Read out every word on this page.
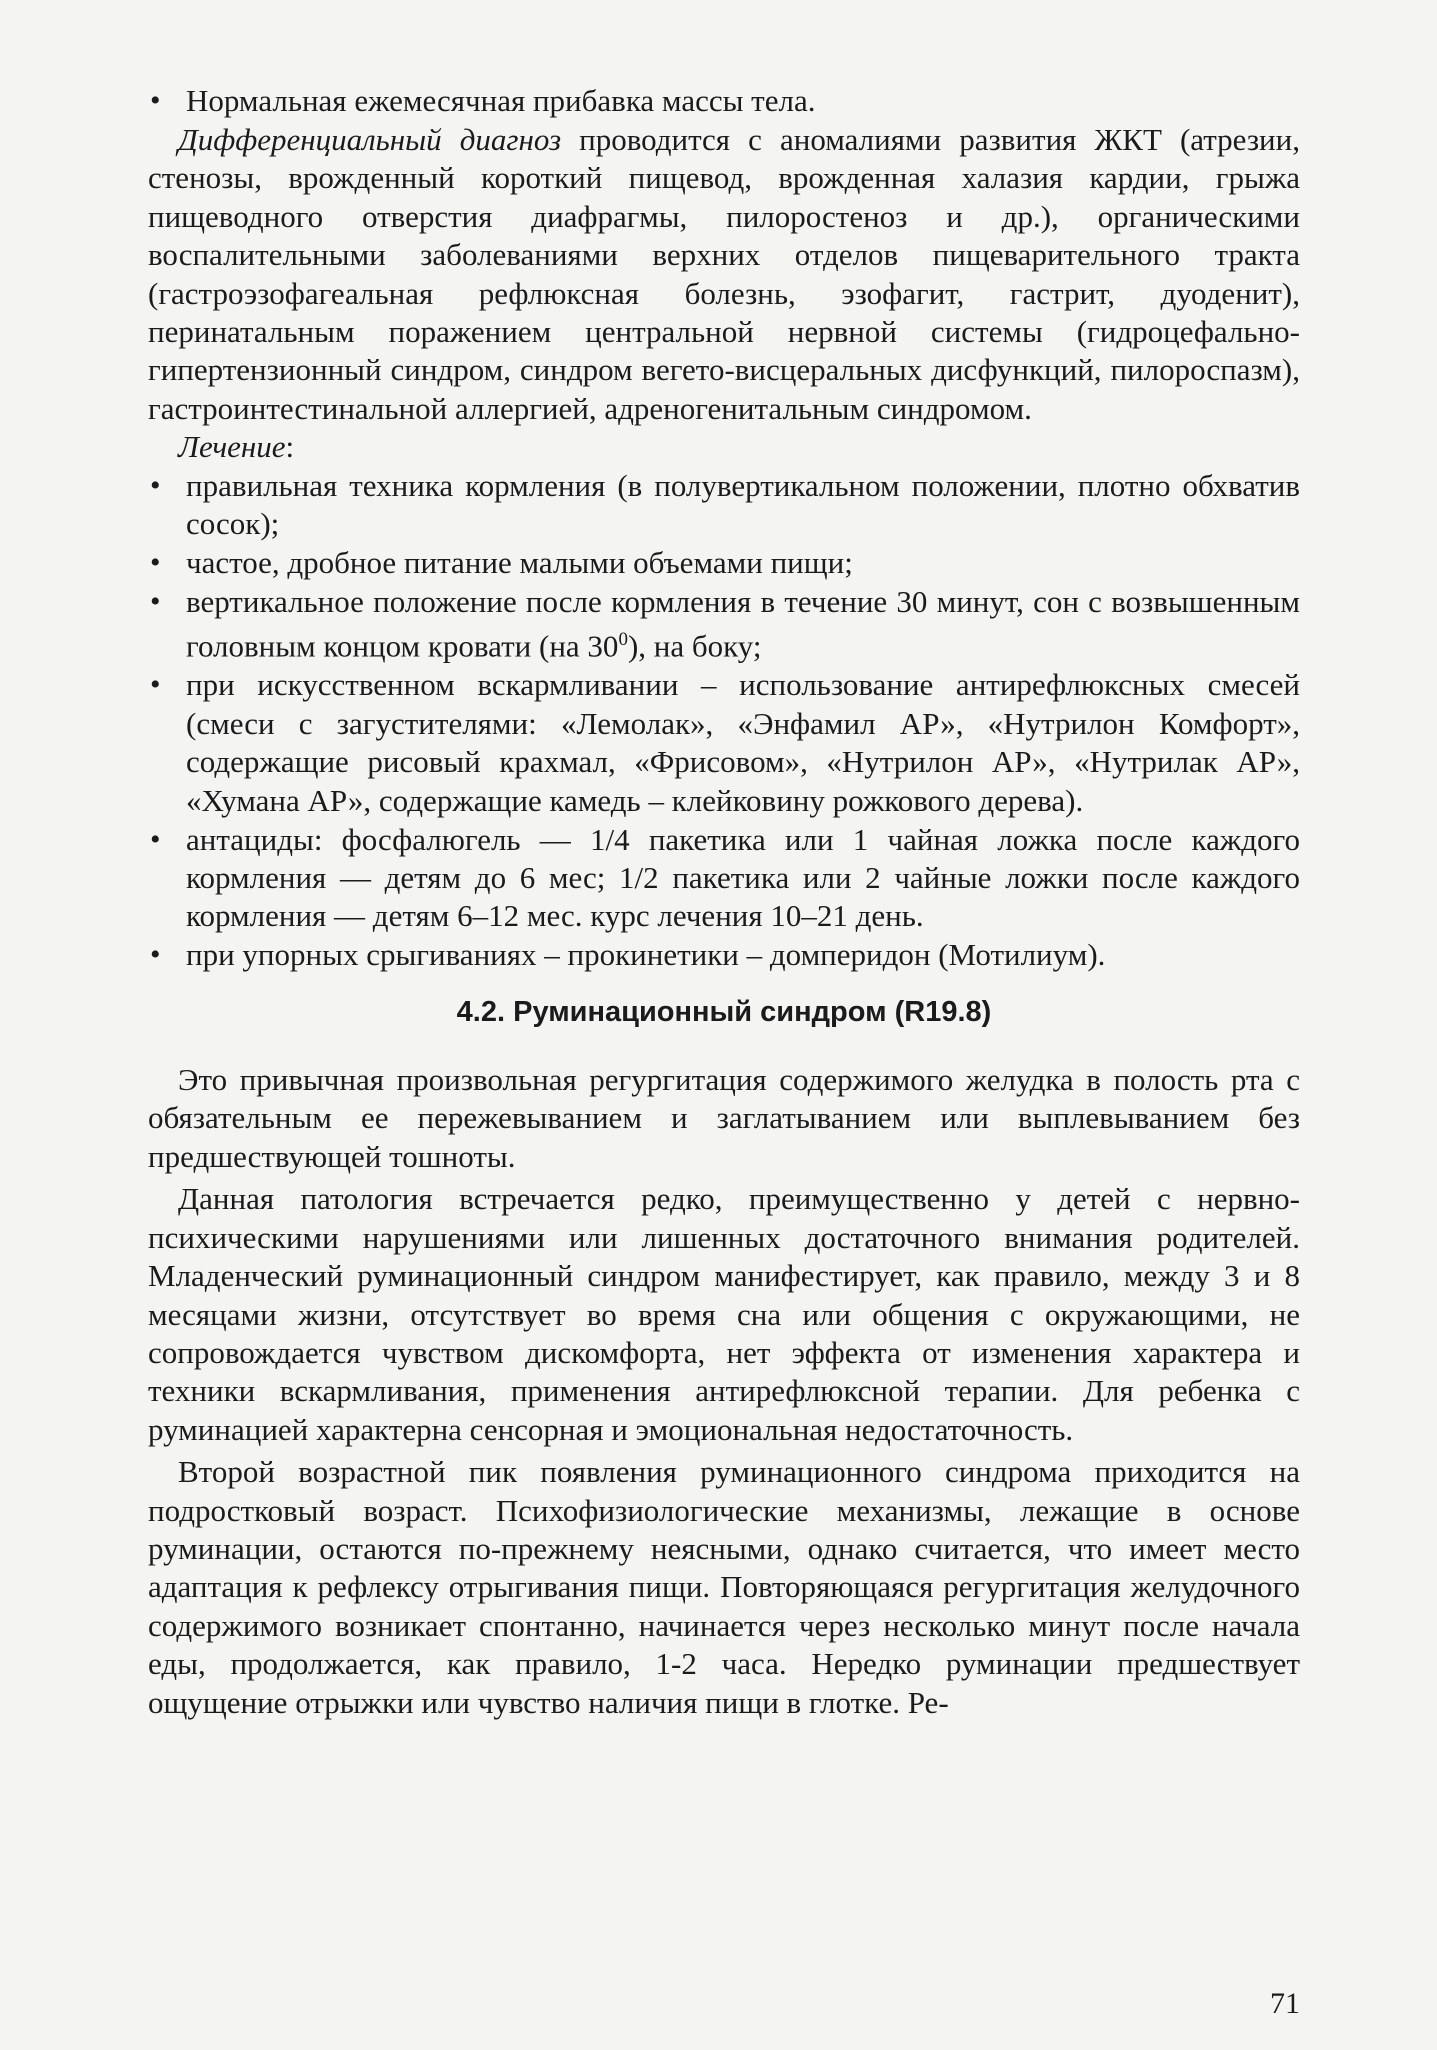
• Нормальная ежемесячная прибавка массы тела.

Дифференциальный диагноз проводится с аномалиями развития ЖКТ (атрезии, стенозы, врожденный короткий пищевод, врожденная халазия кардии, грыжа пищеводного отверстия диафрагмы, пилоростеноз и др.), органическими воспалительными заболеваниями верхних отделов пищеварительного тракта (гастроэзофагеальная рефлюксная болезнь, эзофагит, гастрит, дуоденит), перинатальным поражением центральной нервной системы (гидроцефально-гипертензионный синдром, синдром вегето-висцеральных дисфункций, пилороспазм), гастроинтестинальной аллергией, адреногенитальным синдромом.

Лечение:

• правильная техника кормления (в полувертикальном положении, плотно обхватив сосок);
• частое, дробное питание малыми объемами пищи;
• вертикальное положение после кормления в течение 30 минут, сон с возвышенным головным концом кровати (на $30^0$), на боку;
• при искусственном вскармливании – использование антирефлюксных смесей (смеси с загустителями: «Лемолак», «Энфамил АР», «Нутрилон Комфорт», содержащие рисовый крахмал, «Фрисовом», «Нутрилон АР», «Нутрилак АР», «Хумана АР», содержащие камедь – клейковину рожкового дерева).
• антациды: фосфалюгель — 1/4 пакетика или 1 чайная ложка после каждого кормления — детям до 6 мес; 1/2 пакетика или 2 чайные ложки после каждого кормления — детям 6–12 мес. курс лечения 10–21 день.
• при упорных срыгиваниях – прокинетики – домперидон (Мотилиум).
4.2. Руминационный синдром (R19.8)

Это привычная произвольная регургитация содержимого желудка в полость рта с обязательным ее пережевыванием и заглатыванием или выплевыванием без предшествующей тошноты.

Данная патология встречается редко, преимущественно у детей с нервно-психическими нарушениями или лишенных достаточного внимания родителей. Младенческий руминационный синдром манифестирует, как правило, между 3 и 8 месяцами жизни, отсутствует во время сна или общения с окружающими, не сопровождается чувством дискомфорта, нет эффекта от изменения характера и техники вскармливания, применения антирефлюксной терапии. Для ребенка с руминацией характерна сенсорная и эмоциональная недостаточность.

Второй возрастной пик появления руминационного синдрома приходится на подростковый возраст. Психофизиологические механизмы, лежащие в основе руминации, остаются по-прежнему неясными, однако считается, что имеет место адаптация к рефлексу отрыгивания пищи. Повторяющаяся регургитация желудочного содержимого возникает спонтанно, начинается через несколько минут после начала еды, продолжается, как правило, 1-2 часа. Нередко руминации предшествует ощущение отрыжки или чувство наличия пищи в глотке. Ре-

71
